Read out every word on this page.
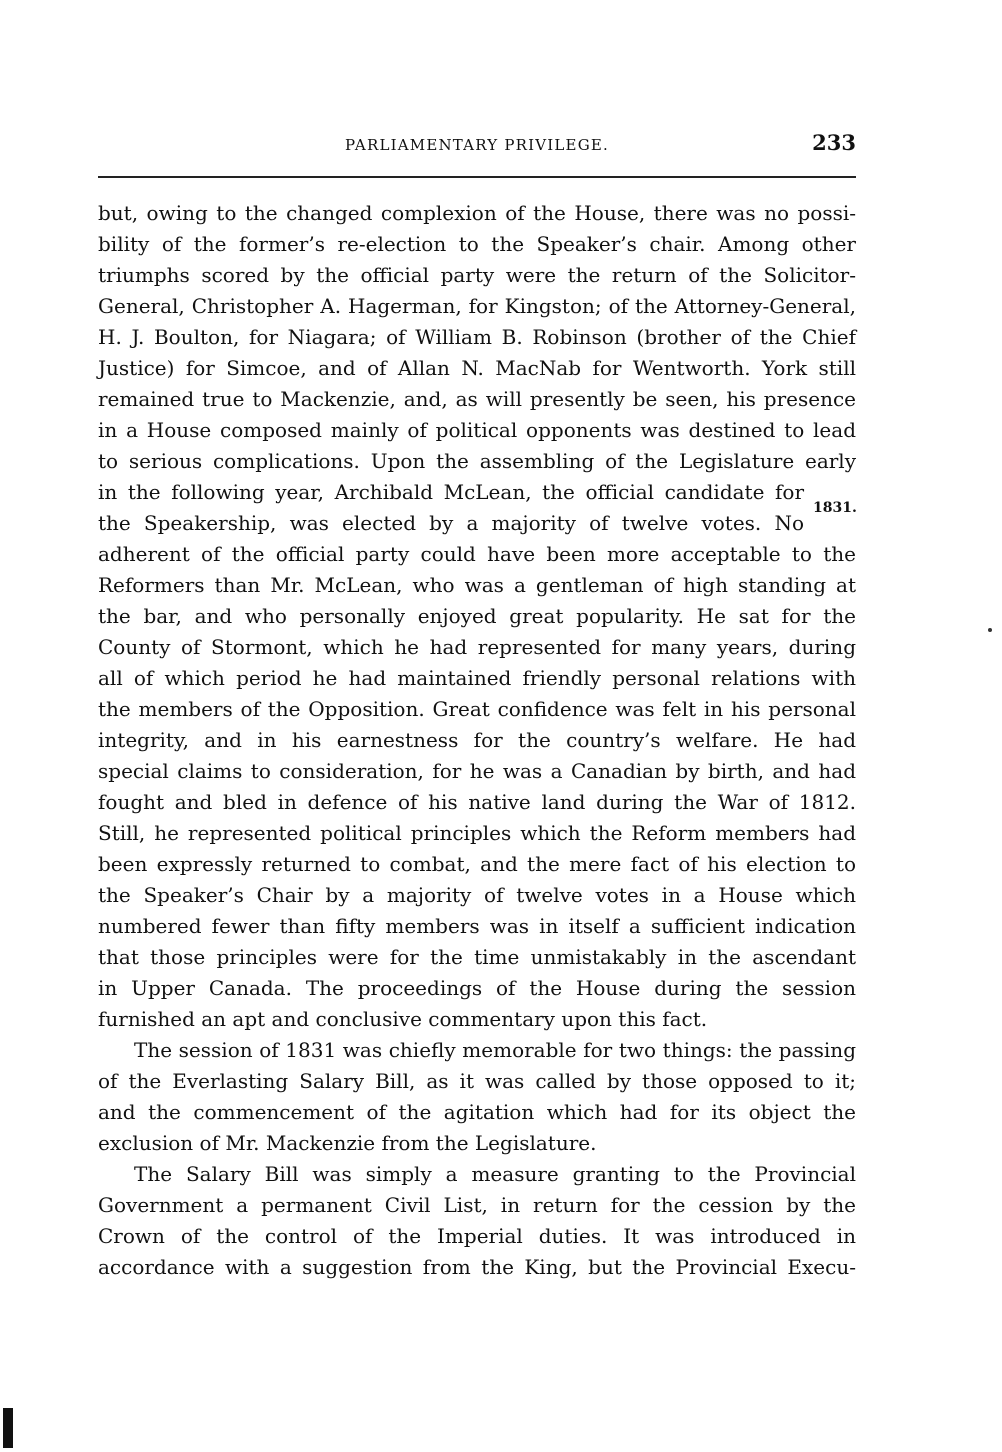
PARLIAMENTARY PRIVILEGE.	233
but, owing to the changed complexion of the House, there was no possi-
bility of the former’s re-election to the Speaker’s chair. Among other
triumphs scored by the official party were the return of the Solicitor-
General, Christopher A. Hagerman, for Kingston; of the Attorney-General,
H. J. Boulton, for Niagara; of William B. Robinson (brother of the Chief
Justice) for Simcoe, and of Allan N. MacNab for Wentworth. York still
remained true to Mackenzie, and, as will presently be seen, his presence
in a House composed mainly of political opponents was destined to lead
to serious complications. Upon the assembling of the Legislature early
in the following year, Archibald McLean, the official candidate for
the Speakership, was elected by a majority of twelve votes. No
adherent of the official party could have been more acceptable to the
Reformers than Mr. McLean, who was a gentleman of high standing at
the bar, and who personally enjoyed great popularity. He sat for the
County of Stormont, which he had represented for many years, during
all of which period he had maintained friendly personal relations with
the members of the Opposition. Great confidence was felt in his personal
integrity, and in his earnestness for the country’s welfare. He had
special claims to consideration, for he was a Canadian by birth, and had
fought and bled in defence of his native land during the War of 1812.
Still, he represented political principles which the Reform members had
been expressly returned to combat, and the mere fact of his election to
the Speaker’s Chair by a majority of twelve votes in a House which
numbered fewer than fifty members was in itself a sufficient indication
that those principles were for the time unmistakably in the ascendant
in Upper Canada. The proceedings of the House during the session
furnished an apt and conclusive commentary upon this fact.
The session of 1831 was chiefly memorable for two things: the passing
of the Everlasting Salary Bill, as it was called by those opposed to it;
and the commencement of the agitation which had for its object the
exclusion of Mr. Mackenzie from the Legislature.
The Salary Bill was simply a measure granting to the Provincial
Government a permanent Civil List, in return for the cession by the
Crown of the control of the Imperial duties. It was introduced in
accordance with a suggestion from the King, but the Provincial Execu-
1831.
